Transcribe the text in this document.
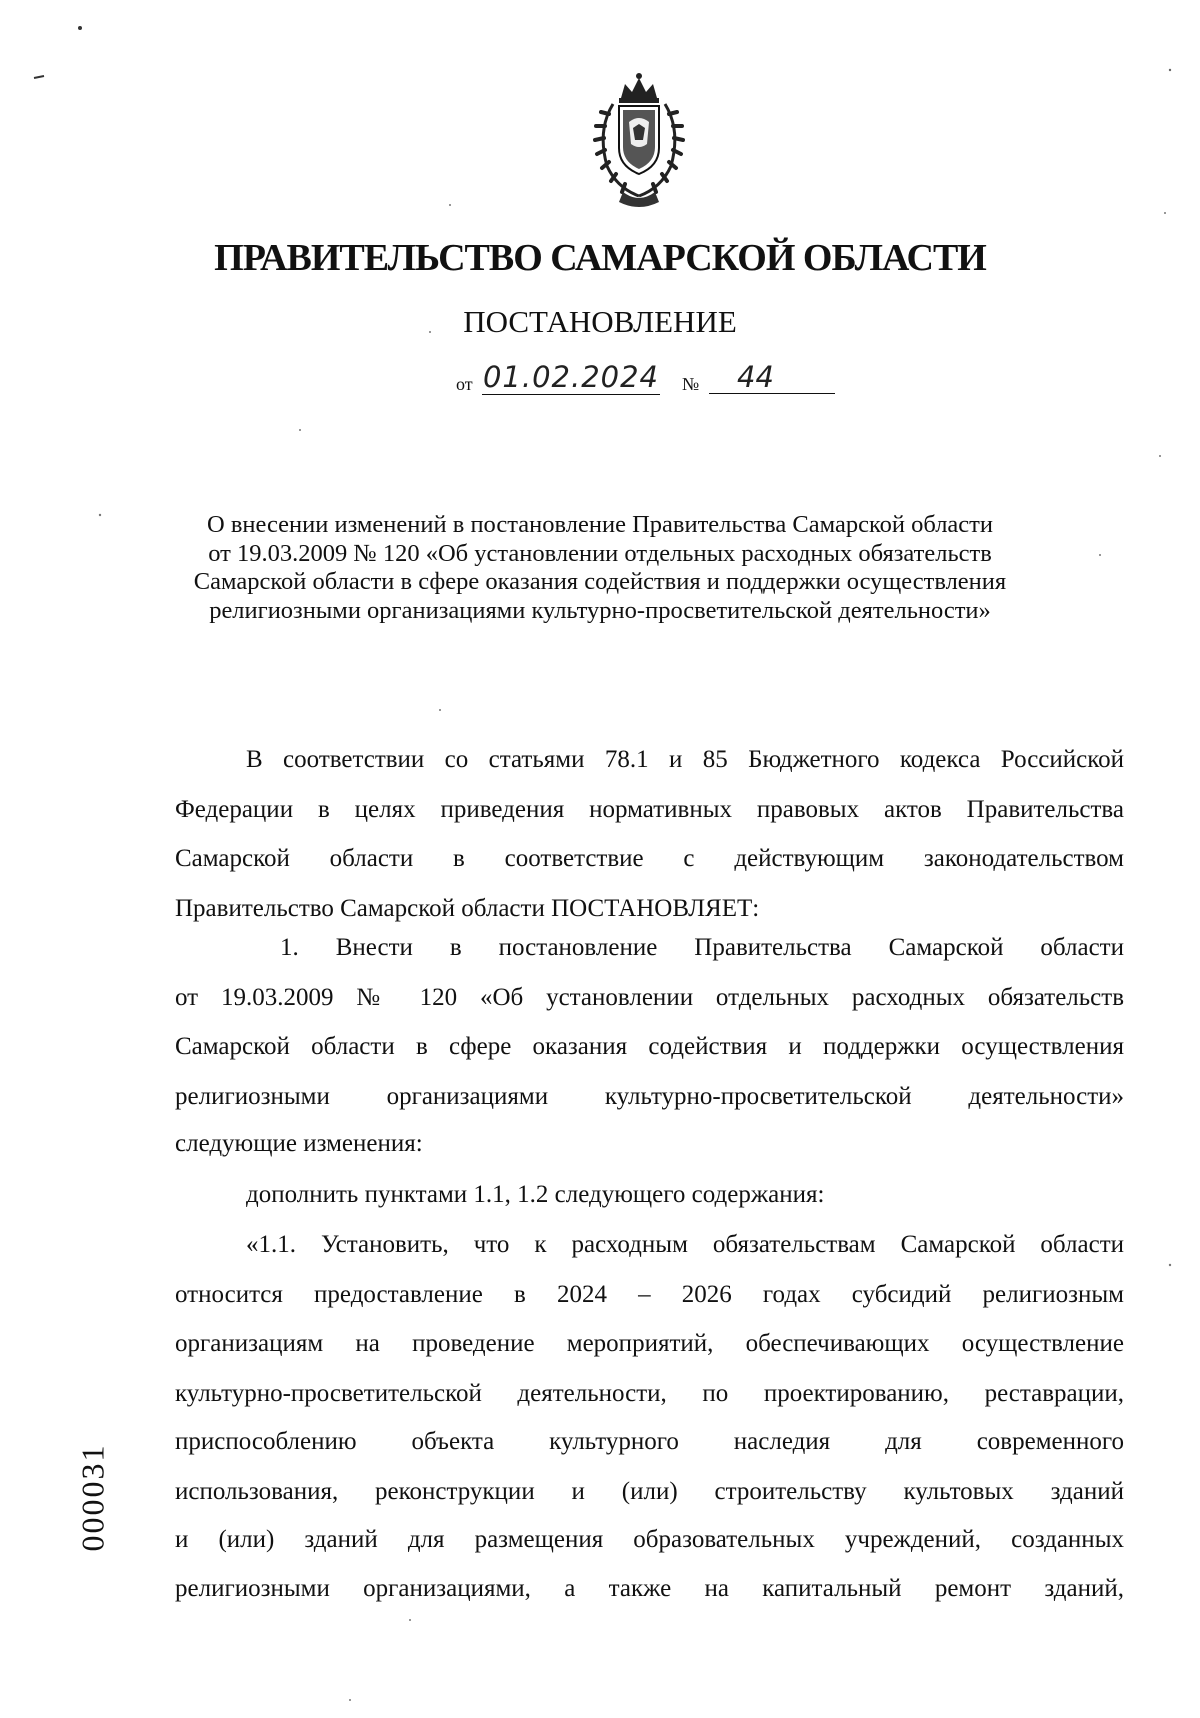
ПРАВИТЕЛЬСТВО САМАРСКОЙ ОБЛАСТИ
ПОСТАНОВЛЕНИЕ
от 01.02.2024 №	44
О внесении изменений в постановление Правительства Самарской области
от 19.03.2009 № 120 «Об установлении отдельных расходных обязательств
Самарской области в сфере оказания содействия и поддержки осуществления
религиозными организациями культурно-просветительской деятельности»
В соответствии со статьями 78.1 и 85 Бюджетного кодекса Российской
Федерации в целях приведения нормативных правовых актов Правительства
Самарской области в соответствие с действующим законодательством
Правительство Самарской области ПОСТАНОВЛЯЕТ:
1. Внести в постановление Правительства Самарской области
от 19.03.2009 № 120 «Об установлении отдельных расходных обязательств
Самарской области в сфере оказания содействия и поддержки осуществления
религиозными организациями культурно-просветительской деятельности»
следующие изменения:
дополнить пунктами 1.1, 1.2 следующего содержания:
«1.1. Установить, что к расходным обязательствам Самарской области
относится предоставление в 2024 – 2026 годах субсидий религиозным
организациям на проведение мероприятий, обеспечивающих осуществление
культурно-просветительской деятельности, по проектированию, реставрации,
приспособлению объекта культурного наследия для современного
использования, реконструкции и (или) строительству культовых зданий
и (или) зданий для размещения образовательных учреждений, созданных
религиозными организациями, а также на капитальный ремонт зданий,
000031
